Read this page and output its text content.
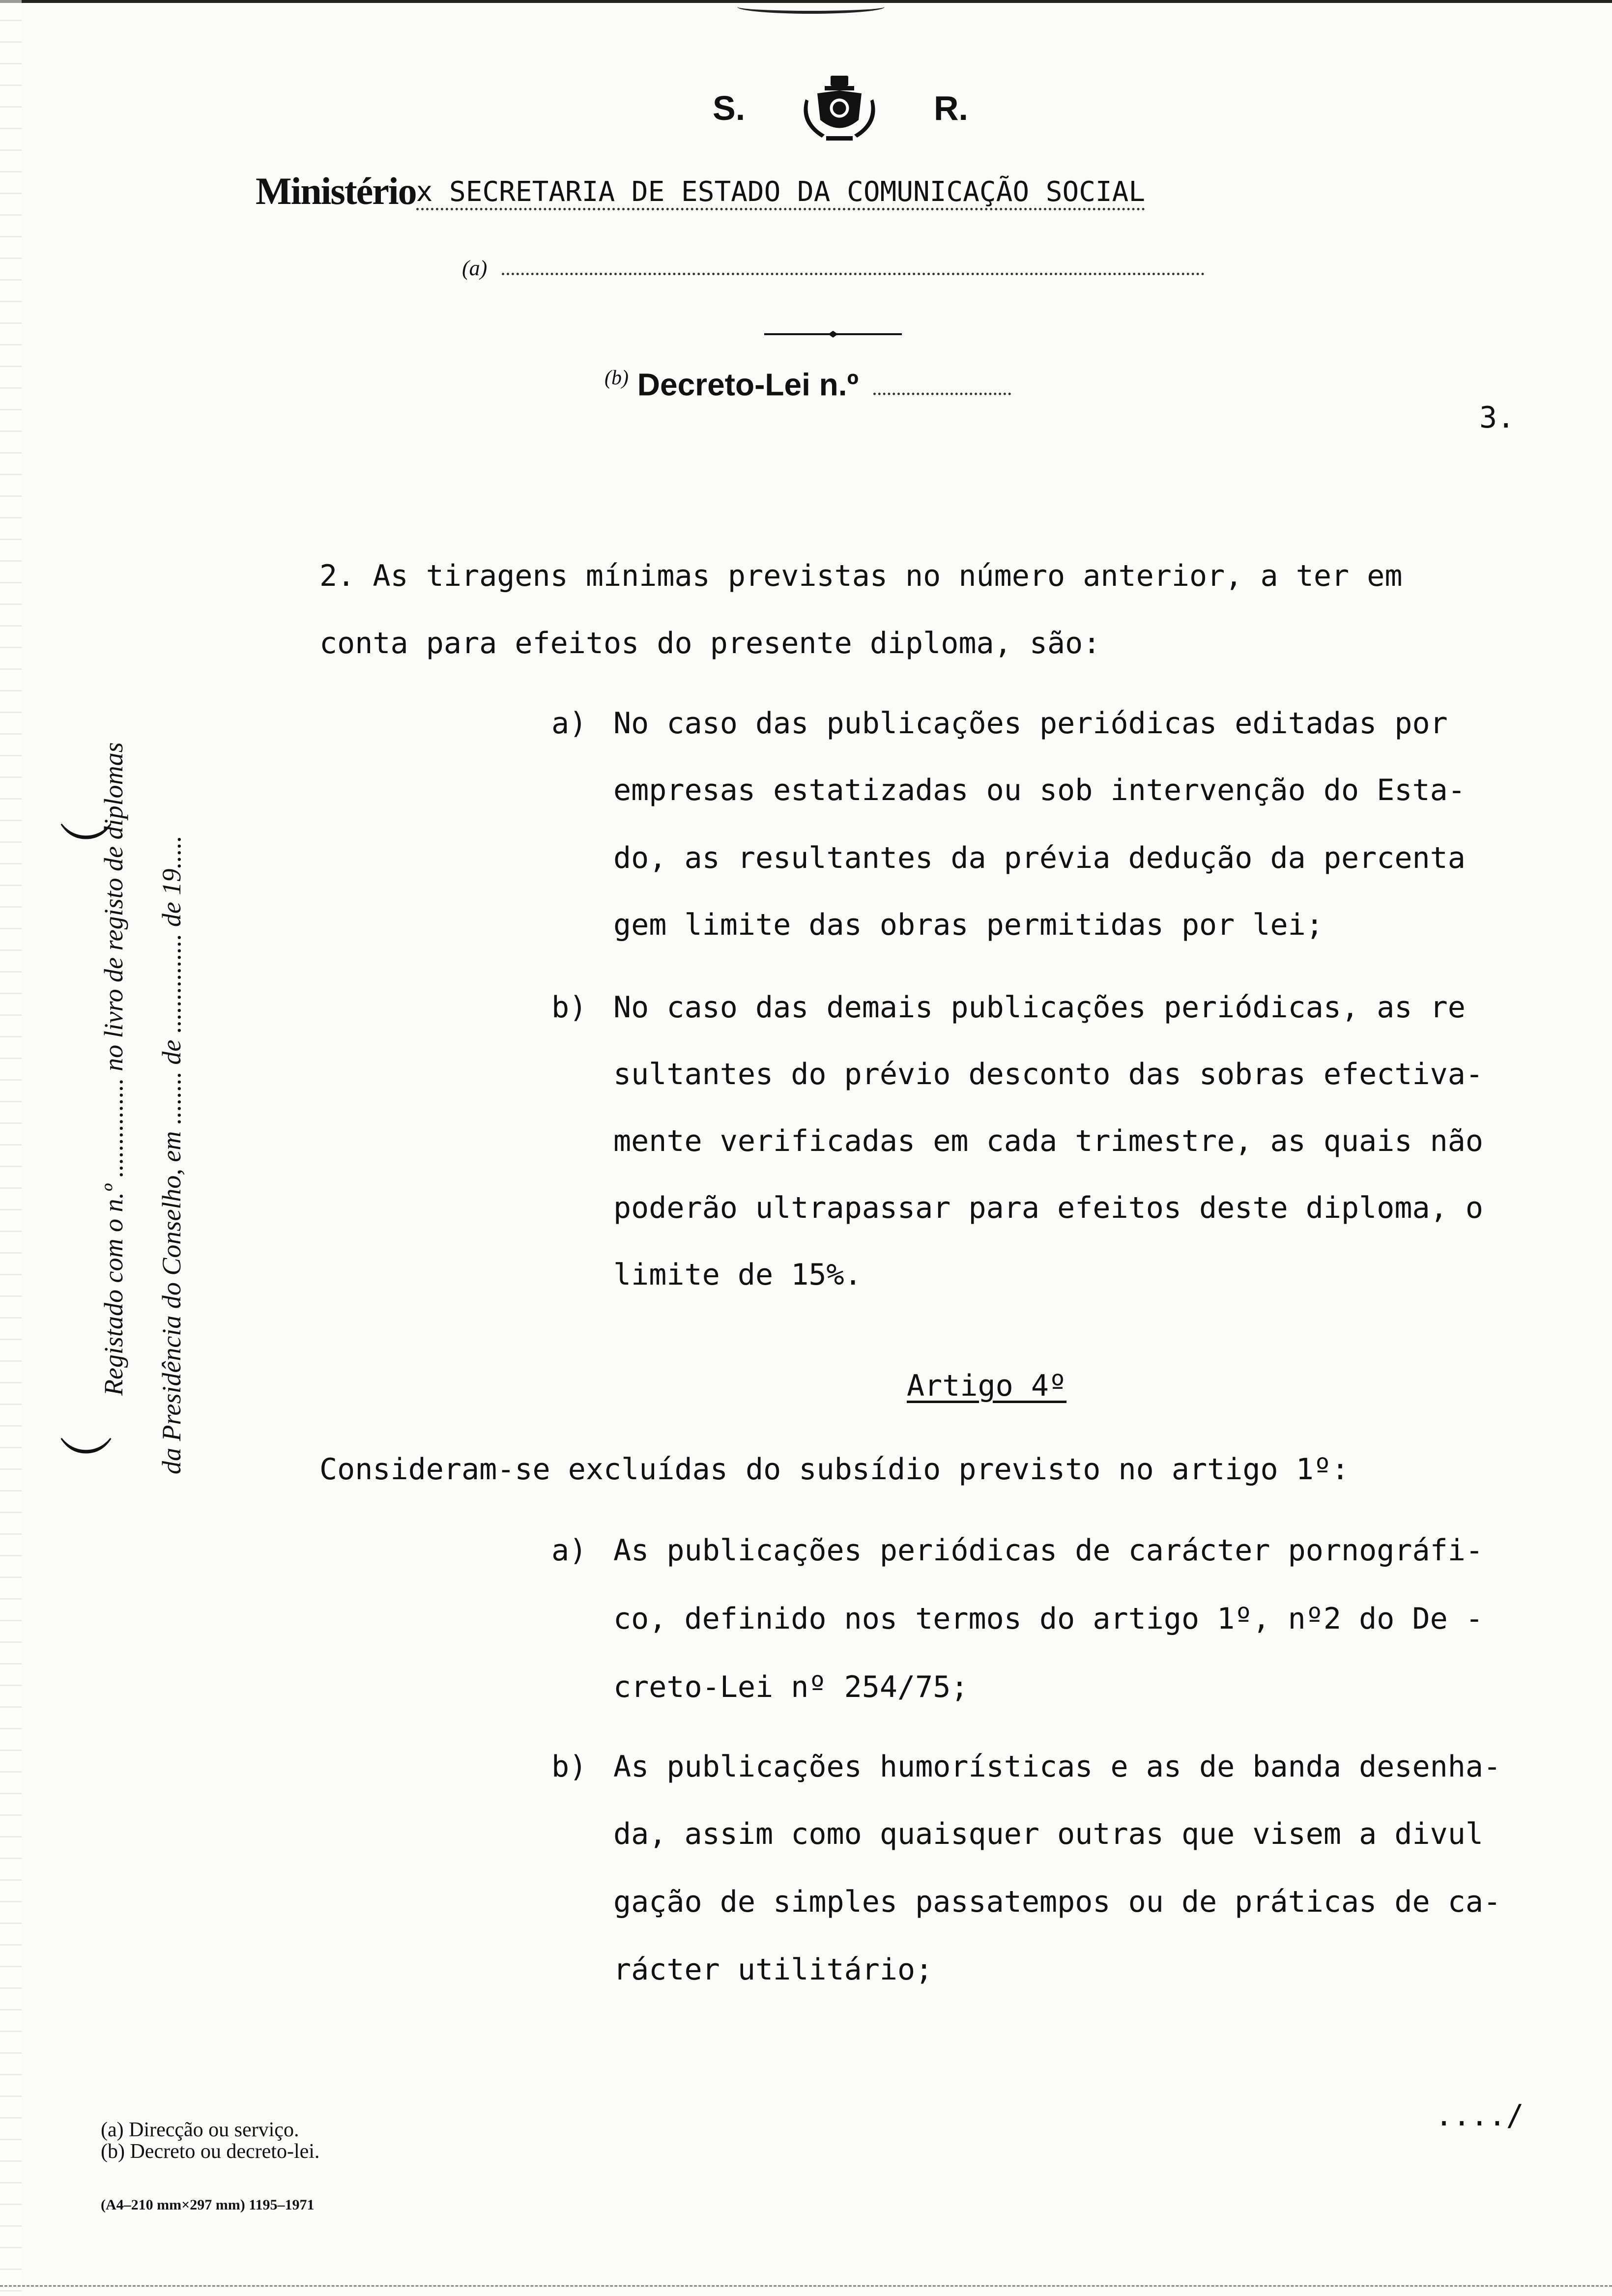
S.	R.
Ministériox SECRETARIA DE ESTADO DA COMUNICAÇÃO SOCIAL
(a)
$^{(b)}$ Decreto-Lei n.º
3.
︶
Registado com o n.º ............... no livro de registo de diplomas da Presidência do Conselho, em ........ de ............... de 19.....
︶
2. As tiragens mínimas previstas no número anterior, a ter em
conta para efeitos do presente diploma, são:
a) No caso das publicações periódicas editadas por
empresas estatizadas ou sob intervenção do Esta-
do, as resultantes da prévia dedução da percenta
gem limite das obras permitidas por lei;
b) No caso das demais publicações periódicas, as re
sultantes do prévio desconto das sobras efectiva-
mente verificadas em cada trimestre, as quais não
poderão ultrapassar para efeitos deste diploma, o
limite de 15%.
Artigo 4º
Consideram-se excluídas do subsídio previsto no artigo 1º:
a) As publicações periódicas de carácter pornográfi-
co, definido nos termos do artigo 1º, nº2 do De -
creto-Lei nº 254/75;
b) As publicações humorísticas e as de banda desenha-
da, assim como quaisquer outras que visem a divul
gação de simples passatempos ou de práticas de ca-
rácter utilitário;
..../
(a) Direcção ou serviço.
(b) Decreto ou decreto-lei.
(A4–210 mm×297 mm) 1195–1971
